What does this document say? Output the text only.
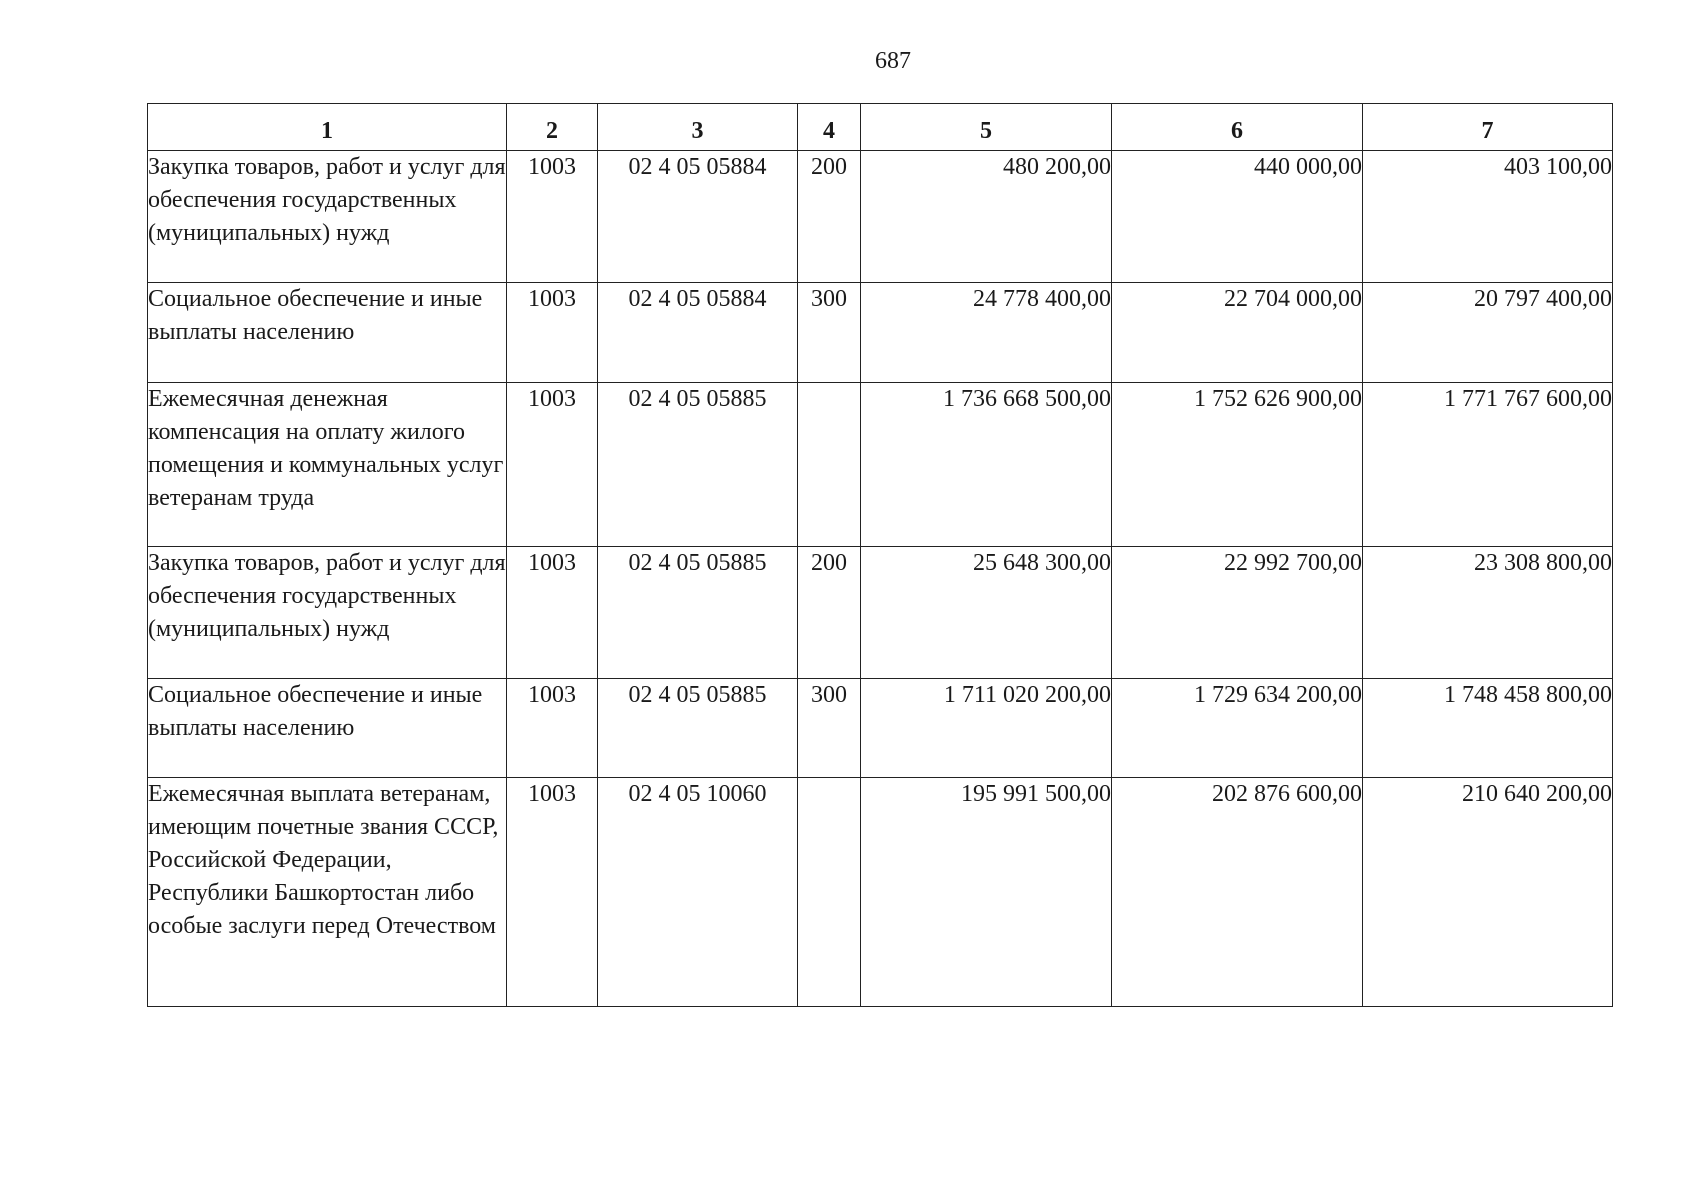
687
1	2	3	4	5	6	7
Закупка товаров, работ и услуг для обеспечения государственных (муниципальных) нужд	1003	02 4 05 05884	200	480 200,00	440 000,00	403 100,00
Социальное обеспечение и иные выплаты населению	1003	02 4 05 05884	300	24 778 400,00	22 704 000,00	20 797 400,00
Ежемесячная денежная компенсация на оплату жилого помещения и коммунальных услуг ветеранам труда	1003	02 4 05 05885		1 736 668 500,00	1 752 626 900,00	1 771 767 600,00
Закупка товаров, работ и услуг для обеспечения государственных (муниципальных) нужд	1003	02 4 05 05885	200	25 648 300,00	22 992 700,00	23 308 800,00
Социальное обеспечение и иные выплаты населению	1003	02 4 05 05885	300	1 711 020 200,00	1 729 634 200,00	1 748 458 800,00
Ежемесячная выплата ветеранам, имеющим почетные звания СССР, Российской Федерации, Республики Башкортостан либо особые заслуги перед Отечеством	1003	02 4 05 10060		195 991 500,00	202 876 600,00	210 640 200,00
